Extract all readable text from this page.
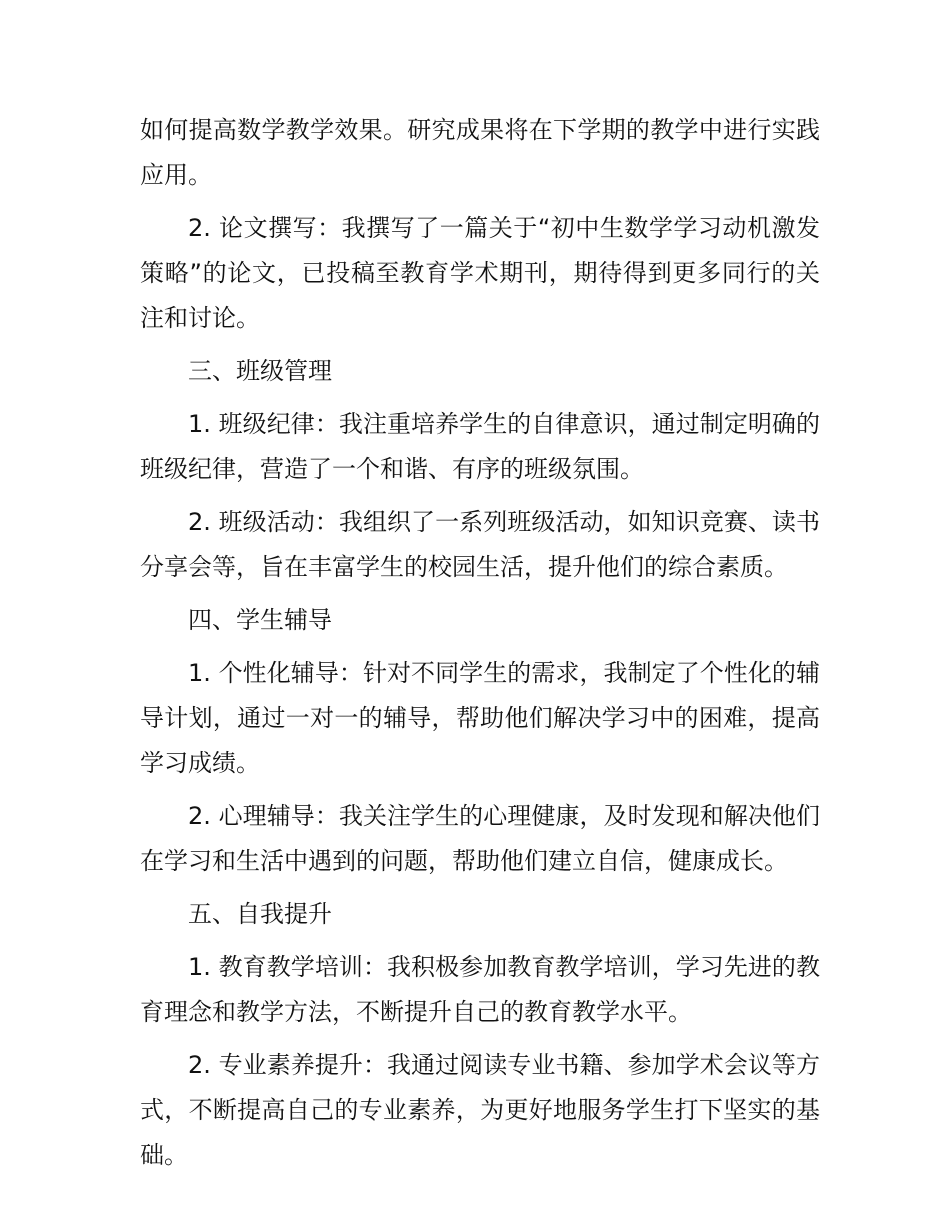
如何提高数学教学效果。研究成果将在下学期的教学中进行实践应用。

2. 论文撰写：我撰写了一篇关于“初中生数学学习动机激发策略”的论文，已投稿至教育学术期刊，期待得到更多同行的关注和讨论。

三、班级管理

1. 班级纪律：我注重培养学生的自律意识，通过制定明确的班级纪律，营造了一个和谐、有序的班级氛围。

2. 班级活动：我组织了一系列班级活动，如知识竞赛、读书分享会等，旨在丰富学生的校园生活，提升他们的综合素质。

四、学生辅导

1. 个性化辅导：针对不同学生的需求，我制定了个性化的辅导计划，通过一对一的辅导，帮助他们解决学习中的困难，提高学习成绩。

2. 心理辅导：我关注学生的心理健康，及时发现和解决他们在学习和生活中遇到的问题，帮助他们建立自信，健康成长。

五、自我提升

1. 教育教学培训：我积极参加教育教学培训，学习先进的教育理念和教学方法，不断提升自己的教育教学水平。

2. 专业素养提升：我通过阅读专业书籍、参加学术会议等方式，不断提高自己的专业素养，为更好地服务学生打下坚实的基础。
